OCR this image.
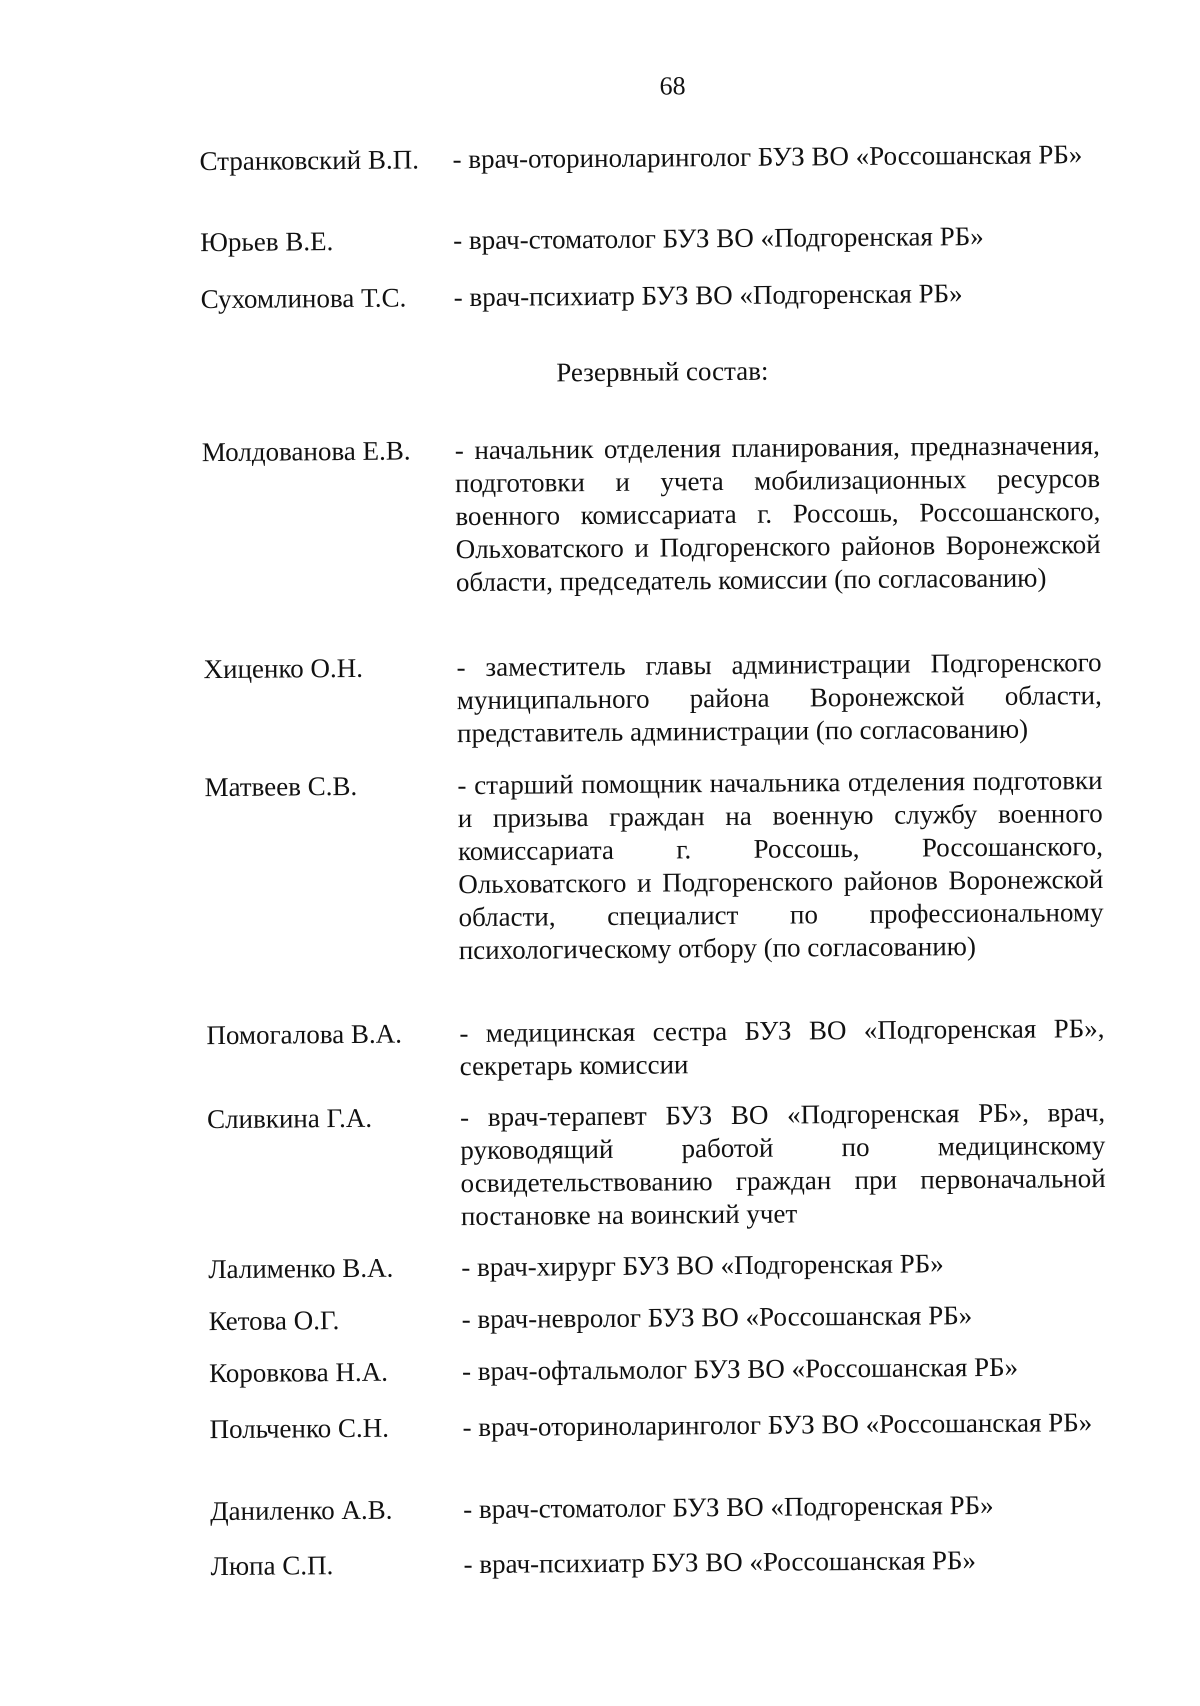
68
Странковский В.П. - врач-оториноларинголог БУЗ ВО «Россошанская РБ»
Юрьев В.Е.	- врач-стоматолог БУЗ ВО «Подгоренская РБ»
Сухомлинова Т.С. - врач-психиатр БУЗ ВО «Подгоренская РБ»
Резервный состав:
Молдованова Е.В. - начальник отделения планирования, предназначения, подготовки и учета мобилизационных ресурсов военного комиссариата г. Россошь, Россошанского, Ольховатского и Подгоренского районов Воронежской области, председатель комиссии (по согласованию)
Хиценко О.Н.	- заместитель главы администрации Подгоренского муниципального района Воронежской области, представитель администрации (по согласованию)
Матвеев С.В.	- старший помощник начальника отделения подготовки и призыва граждан на военную службу военного комиссариата г. Россошь, Россошанского, Ольховатского и Подгоренского районов Воронежской области, специалист по профессиональному психологическому отбору (по согласованию)
Помогалова В.А. - медицинская сестра БУЗ ВО «Подгоренская РБ», секретарь комиссии
Сливкина Г.А.	- врач-терапевт БУЗ ВО «Подгоренская РБ», врач, руководящий работой по медицинскому освидетельствованию граждан при первоначальной постановке на воинский учет
Лалименко В.А.	- врач-хирург БУЗ ВО «Подгоренская РБ»
Кетова О.Г.	- врач-невролог БУЗ ВО «Россошанская РБ»
Коровкова Н.А.	- врач-офтальмолог БУЗ ВО «Россошанская РБ»
Польченко С.Н.	- врач-оториноларинголог БУЗ ВО «Россошанская РБ»
Даниленко А.В.	- врач-стоматолог БУЗ ВО «Подгоренская РБ»
Люпа С.П.	- врач-психиатр БУЗ ВО «Россошанская РБ»
